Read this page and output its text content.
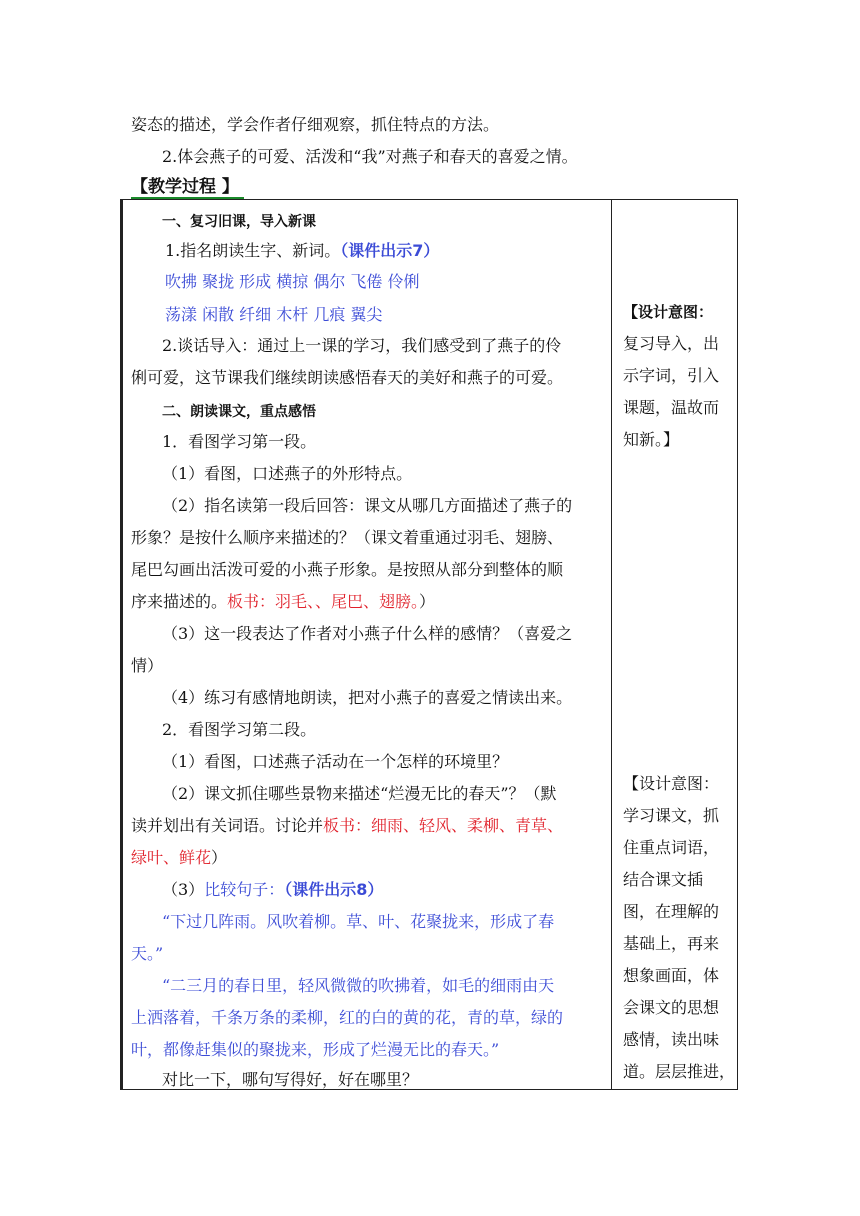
姿态的描述，学会作者仔细观察，抓住特点的方法。
2.体会燕子的可爱、活泼和“我”对燕子和春天的喜爱之情。
【教学过程 】
一、复习旧课，导入新课
1.指名朗读生字、新词。（课件出示7）
吹拂 聚拢 形成 横掠 偶尔 飞倦 伶俐
荡漾 闲散 纤细 木杆 几痕 翼尖
2.谈话导入：通过上一课的学习，我们感受到了燕子的伶
俐可爱，这节课我们继续朗读感悟春天的美好和燕子的可爱。
二、朗读课文，重点感悟
1．看图学习第一段。
（1）看图，口述燕子的外形特点。
（2）指名读第一段后回答：课文从哪几方面描述了燕子的
形象？是按什么顺序来描述的？（课文着重通过羽毛、翅膀、
尾巴勾画出活泼可爱的小燕子形象。是按照从部分到整体的顺
序来描述的。板书：羽毛、、尾巴、翅膀。）
（3）这一段表达了作者对小燕子什么样的感情？（喜爱之
情）
（4）练习有感情地朗读，把对小燕子的喜爱之情读出来。
2．看图学习第二段。
（1）看图，口述燕子活动在一个怎样的环境里？
（2）课文抓住哪些景物来描述“烂漫无比的春天”？（默
读并划出有关词语。讨论并板书：细雨、轻风、柔柳、青草、
绿叶、鲜花）
（3）比较句子：（课件出示8）
“下过几阵雨。风吹着柳。草、叶、花聚拢来，形成了春
天。”
“二三月的春日里，轻风微微的吹拂着，如毛的细雨由天
上洒落着，千条万条的柔柳，红的白的黄的花，青的草，绿的
叶，都像赶集似的聚拢来，形成了烂漫无比的春天。”
对比一下，哪句写得好，好在哪里？
【设计意图：
复习导入，出
示字词，引入
课题，温故而
知新。】
【设计意图：
学习课文，抓
住重点词语，
结合课文插
图，在理解的
基础上，再来
想象画面，体
会课文的思想
感情，读出味
道。层层推进，
